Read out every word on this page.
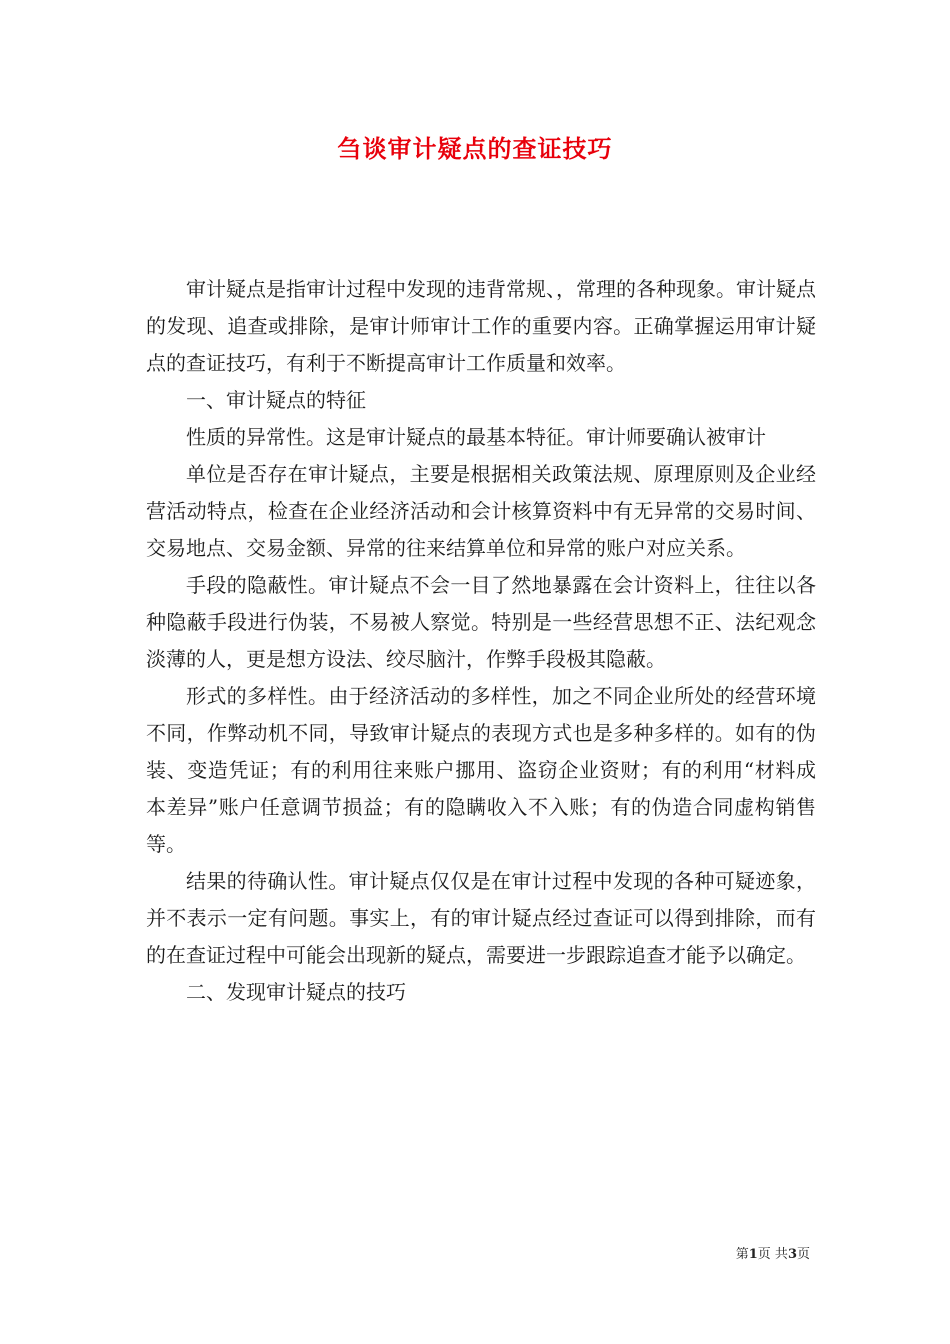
刍谈审计疑点的查证技巧

审计疑点是指审计过程中发现的违背常规、，常理的各种现象。审计疑点的发现、追查或排除，是审计师审计工作的重要内容。正确掌握运用审计疑点的查证技巧，有利于不断提高审计工作质量和效率。

一、审计疑点的特征

性质的异常性。这是审计疑点的最基本特征。审计师要确认被审计

单位是否存在审计疑点，主要是根据相关政策法规、原理原则及企业经营活动特点，检查在企业经济活动和会计核算资料中有无异常的交易时间、交易地点、交易金额、异常的往来结算单位和异常的账户对应关系。

手段的隐蔽性。审计疑点不会一目了然地暴露在会计资料上，往往以各种隐蔽手段进行伪装，不易被人察觉。特别是一些经营思想不正、法纪观念淡薄的人，更是想方设法、绞尽脑汁，作弊手段极其隐蔽。

形式的多样性。由于经济活动的多样性，加之不同企业所处的经营环境不同，作弊动机不同，导致审计疑点的表现方式也是多种多样的。如有的伪装、变造凭证；有的利用往来账户挪用、盗窃企业资财；有的利用“材料成本差异”账户任意调节损益；有的隐瞒收入不入账；有的伪造合同虚构销售等。

结果的待确认性。审计疑点仅仅是在审计过程中发现的各种可疑迹象，并不表示一定有问题。事实上，有的审计疑点经过查证可以得到排除，而有的在查证过程中可能会出现新的疑点，需要进一步跟踪追查才能予以确定。

二、发现审计疑点的技巧

第1页 共3页
